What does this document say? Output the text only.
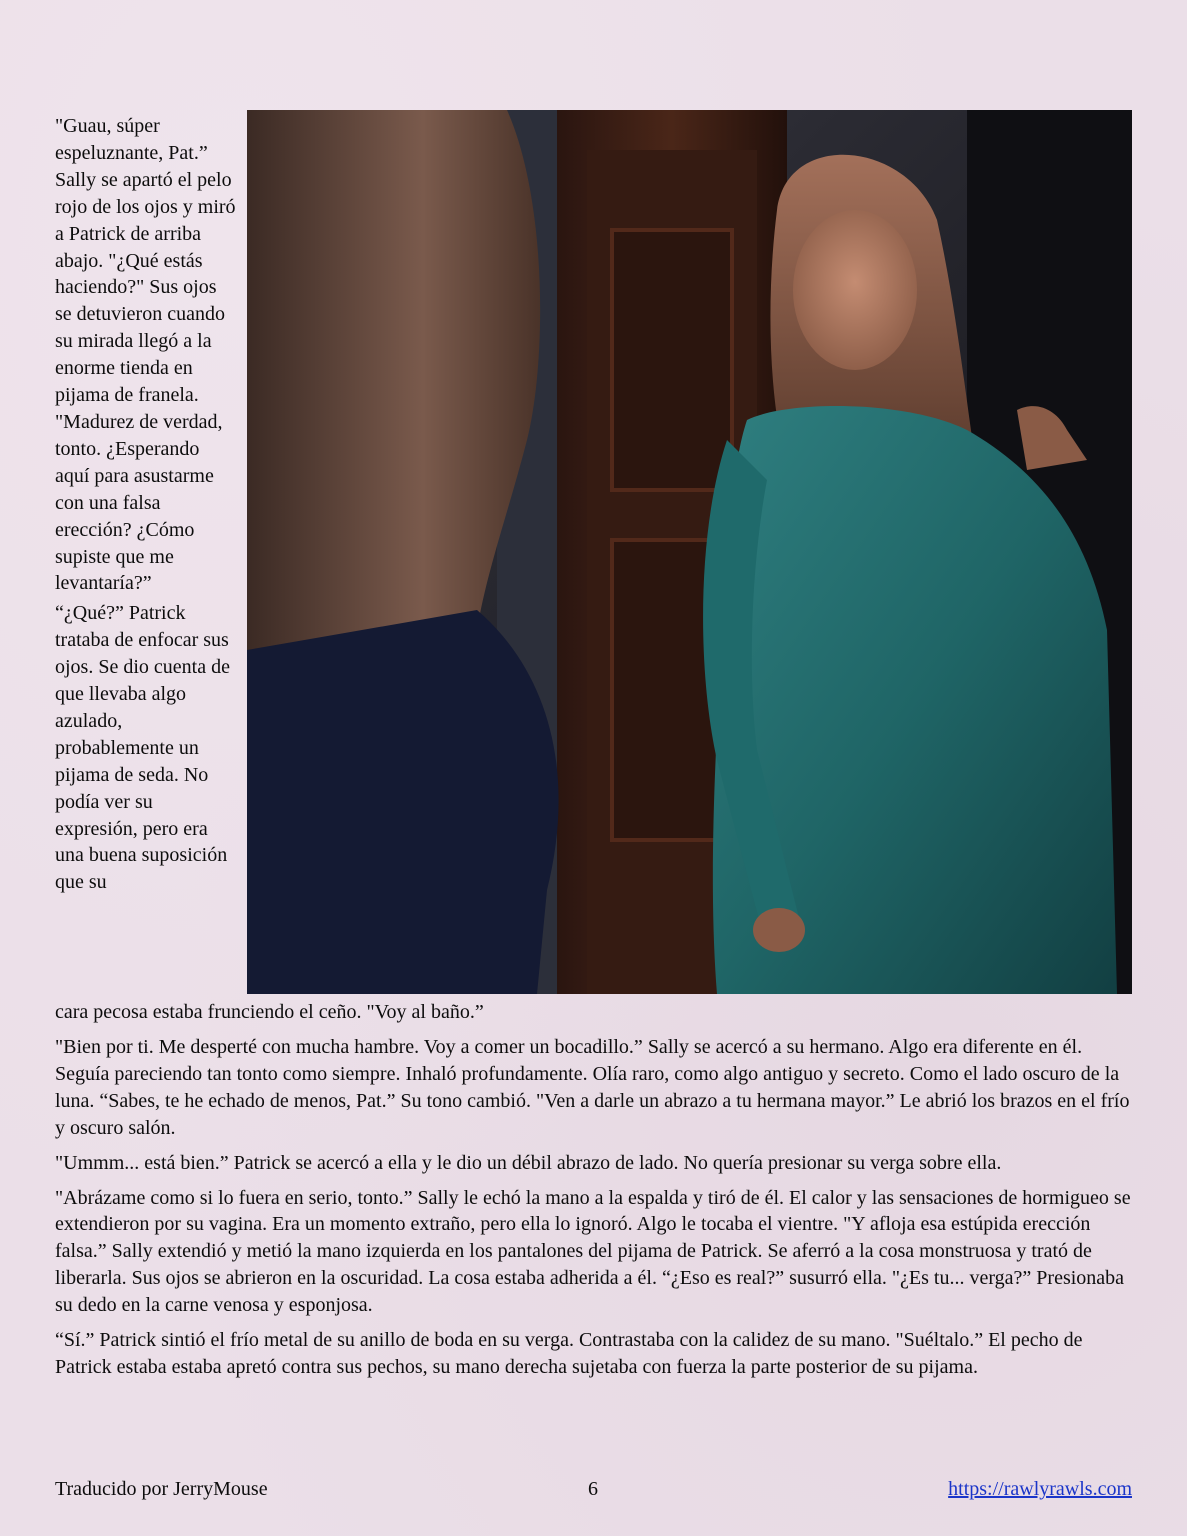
"Guau, súper espeluznante, Pat.” Sally se apartó el pelo rojo de los ojos y miró a Patrick de arriba abajo. "¿Qué estás haciendo?" Sus ojos se detuvieron cuando su mirada llegó a la enorme tienda en pijama de franela. "Madurez de verdad, tonto. ¿Esperando aquí para asustarme con una falsa erección? ¿Cómo supiste que me levantaría?”

“¿Qué?” Patrick trataba de enfocar sus ojos. Se dio cuenta de que llevaba algo azulado, probablemente un pijama de seda. No podía ver su expresión, pero era una buena suposición que su

cara pecosa estaba frunciendo el ceño. "Voy al baño.”

"Bien por ti. Me desperté con mucha hambre. Voy a comer un bocadillo.” Sally se acercó a su hermano. Algo era diferente en él. Seguía pareciendo tan tonto como siempre. Inhaló profundamente. Olía raro, como algo antiguo y secreto. Como el lado oscuro de la luna. “Sabes, te he echado de menos, Pat.” Su tono cambió. "Ven a darle un abrazo a tu hermana mayor.” Le abrió los brazos en el frío y oscuro salón.

"Ummm... está bien.” Patrick se acercó a ella y le dio un débil abrazo de lado. No quería presionar su verga sobre ella.

"Abrázame como si lo fuera en serio, tonto.” Sally le echó la mano a la espalda y tiró de él. El calor y las sensaciones de hormigueo se extendieron por su vagina. Era un momento extraño, pero ella lo ignoró. Algo le tocaba el vientre. "Y afloja esa estúpida erección falsa.” Sally extendió y metió la mano izquierda en los pantalones del pijama de Patrick. Se aferró a la cosa monstruosa y trató de liberarla. Sus ojos se abrieron en la oscuridad. La cosa estaba adherida a él. “¿Eso es real?” susurró ella. "¿Es tu... verga?” Presionaba su dedo en la carne venosa y esponjosa.

“Sí.” Patrick sintió el frío metal de su anillo de boda en su verga. Contrastaba con la calidez de su mano. "Suéltalo.” El pecho de Patrick estaba estaba apretó contra sus pechos, su mano derecha sujetaba con fuerza la parte posterior de su pijama.

Traducido por JerryMouse	6	https://rawlyrawls.com
